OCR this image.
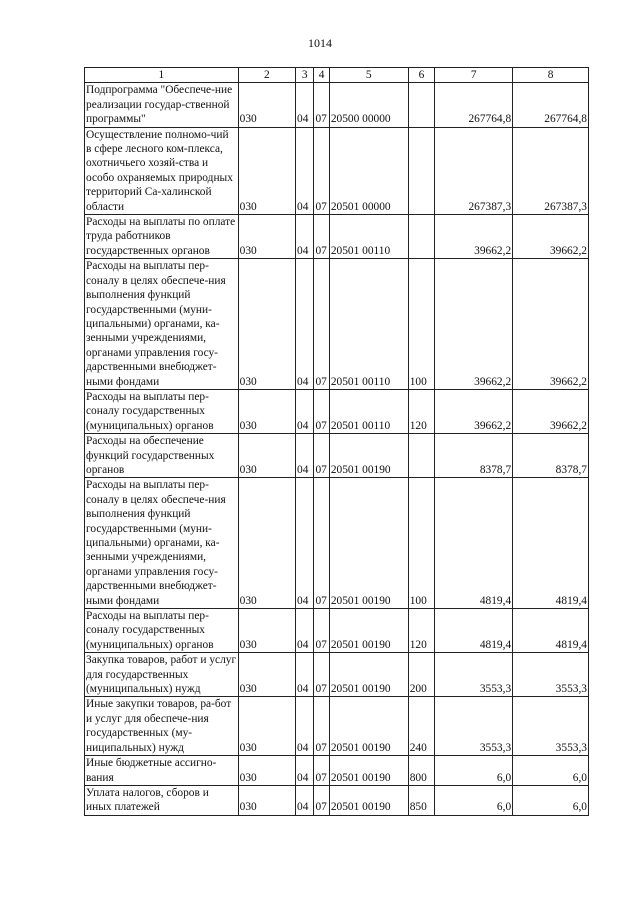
1014
1	2	3	4	5	6	7	8
Подпрограмма "Обеспече-ние реализации государ-ственной программы"	030	04	07	20500 00000		267764,8	267764,8
Осуществление полномо-чий в сфере лесного ком-плекса, охотничьего хозяй-ства и особо охраняемых природных территорий Са-халинской области	030	04	07	20501 00000		267387,3	267387,3
Расходы на выплаты по оплате труда работников государственных органов	030	04	07	20501 00110		39662,2	39662,2
Расходы на выплаты пер-соналу в целях обеспече-ния выполнения функций государственными (муни-ципальными) органами, ка-зенными учреждениями, органами управления госу-дарственными внебюджет-ными фондами	030	04	07	20501 00110	100	39662,2	39662,2
Расходы на выплаты пер-соналу государственных (муниципальных) органов	030	04	07	20501 00110	120	39662,2	39662,2
Расходы на обеспечение функций государственных органов	030	04	07	20501 00190		8378,7	8378,7
Расходы на выплаты пер-соналу в целях обеспече-ния выполнения функций государственными (муни-ципальными) органами, ка-зенными учреждениями, органами управления госу-дарственными внебюджет-ными фондами	030	04	07	20501 00190	100	4819,4	4819,4
Расходы на выплаты пер-соналу государственных (муниципальных) органов	030	04	07	20501 00190	120	4819,4	4819,4
Закупка товаров, работ и услуг для государственных (муниципальных) нужд	030	04	07	20501 00190	200	3553,3	3553,3
Иные закупки товаров, ра-бот и услуг для обеспече-ния государственных (му-ниципальных) нужд	030	04	07	20501 00190	240	3553,3	3553,3
Иные бюджетные ассигно-вания	030	04	07	20501 00190	800	6,0	6,0
Уплата налогов, сборов и иных платежей	030	04	07	20501 00190	850	6,0	6,0
